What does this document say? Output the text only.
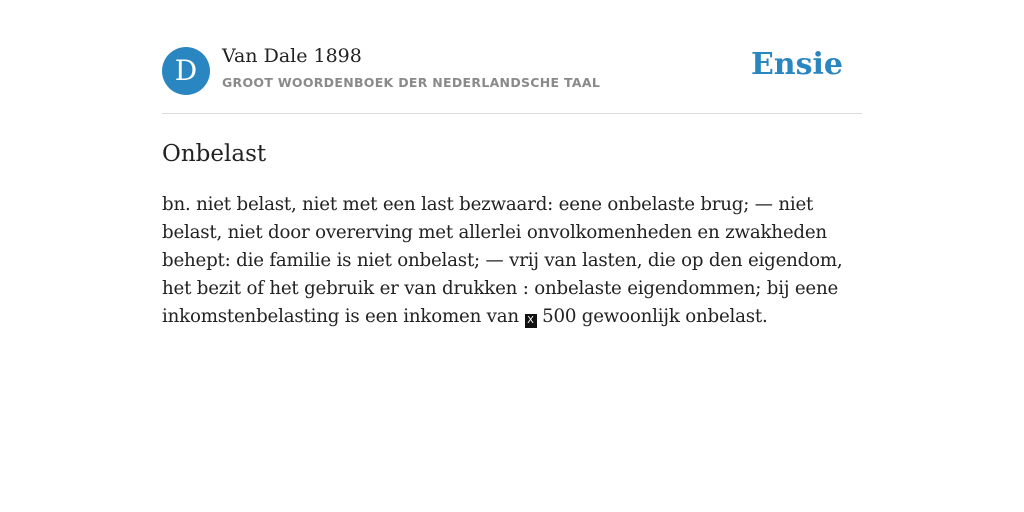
D	Van Dale 1898
GROOT WOORDENBOEK DER NEDERLANDSCHE TAAL
Ensie
Onbelast

bn. niet belast, niet met een last bezwaard: eene onbelaste brug; — niet belast, niet door overerving met allerlei onvolkomenheden en zwakheden behept: die familie is niet onbelast; — vrij van lasten, die op den eigendom, het bezit of het gebruik er van drukken : onbelaste eigendommen; bij eene inkomstenbelasting is een inkomen van X 500 gewoonlijk onbelast.
